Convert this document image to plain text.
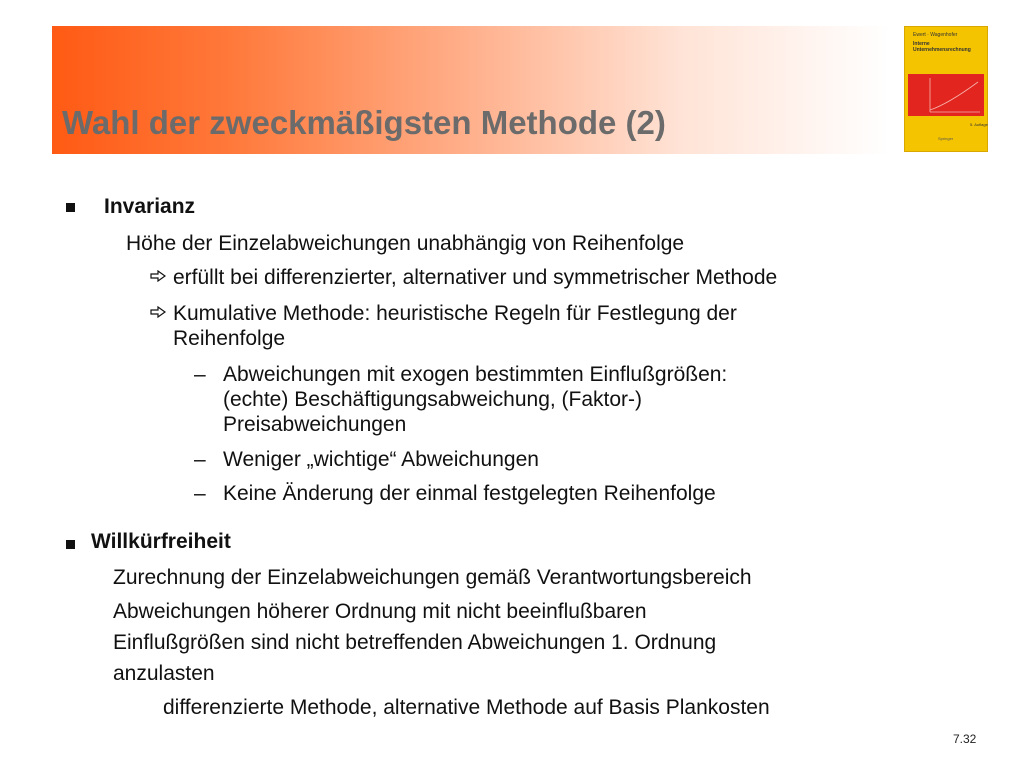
Wahl der zweckmäßigsten Methode (2)
Ewert · Wagenhofer
Interne
Unternehmensrechnung
5. Auflage
Springer
Invarianz
Höhe der Einzelabweichungen unabhängig von Reihenfolge
erfüllt bei differenzierter, alternativer und symmetrischer Methode
Kumulative Methode: heuristische Regeln für Festlegung der
Reihenfolge
– Abweichungen mit exogen bestimmten Einflußgrößen:
(echte) Beschäftigungsabweichung, (Faktor-)
Preisabweichungen
– Weniger „wichtige“ Abweichungen
– Keine Änderung der einmal festgelegten Reihenfolge
Willkürfreiheit
Zurechnung der Einzelabweichungen gemäß Verantwortungsbereich
Abweichungen höherer Ordnung mit nicht beeinflußbaren
Einflußgrößen sind nicht betreffenden Abweichungen 1. Ordnung
anzulasten
differenzierte Methode, alternative Methode auf Basis Plankosten
7.32
